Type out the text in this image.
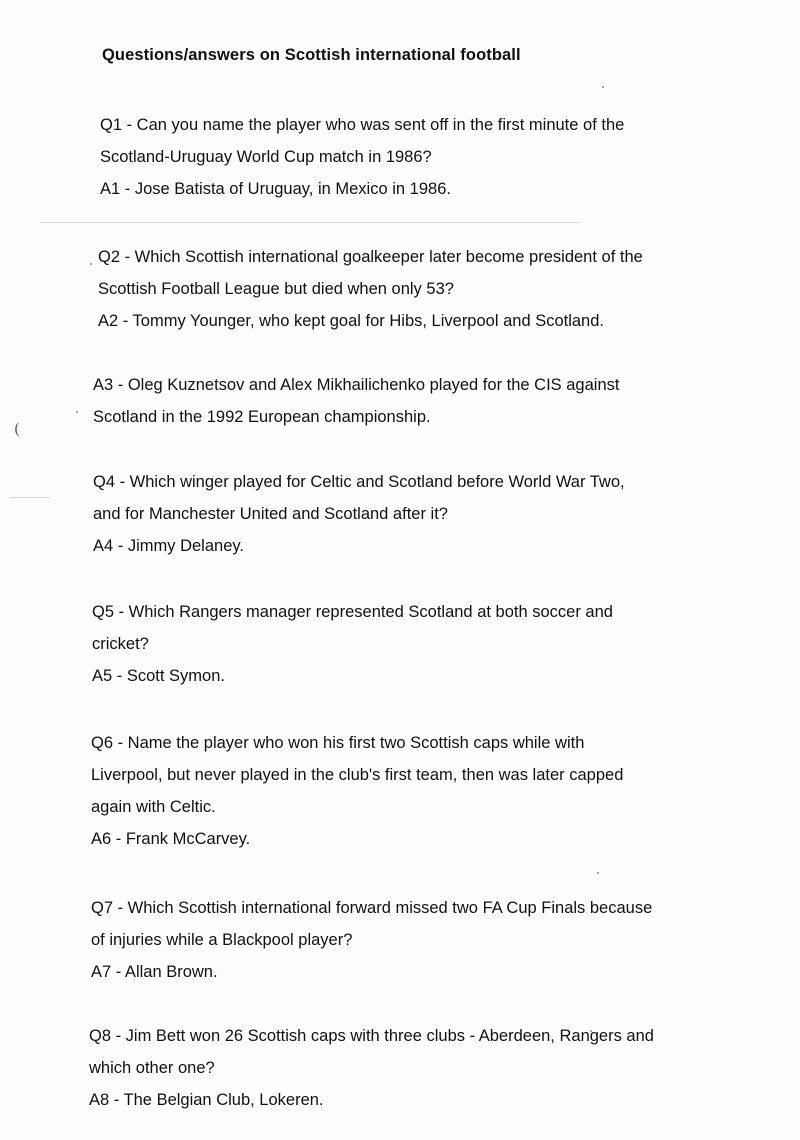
Questions/answers on Scottish international football
(
Q1 - Can you name the player who was sent off in the first minute of the
Scotland-Uruguay World Cup match in 1986?
A1 - Jose Batista of Uruguay, in Mexico in 1986.
Q2 - Which Scottish international goalkeeper later become president of the
Scottish Football League but died when only 53?
A2 - Tommy Younger, who kept goal for Hibs, Liverpool and Scotland.
A3 - Oleg Kuznetsov and Alex Mikhailichenko played for the CIS against
Scotland in the 1992 European championship.
Q4 - Which winger played for Celtic and Scotland before World War Two,
and for Manchester United and Scotland after it?
A4 - Jimmy Delaney.
Q5 - Which Rangers manager represented Scotland at both soccer and
cricket?
A5 - Scott Symon.
Q6 - Name the player who won his first two Scottish caps while with
Liverpool, but never played in the club's first team, then was later capped
again with Celtic.
A6 - Frank McCarvey.
Q7 - Which Scottish international forward missed two FA Cup Finals because
of injuries while a Blackpool player?
A7 - Allan Brown.
Q8 - Jim Bett won 26 Scottish caps with three clubs - Aberdeen, Rangers and
which other one?
A8 - The Belgian Club, Lokeren.
